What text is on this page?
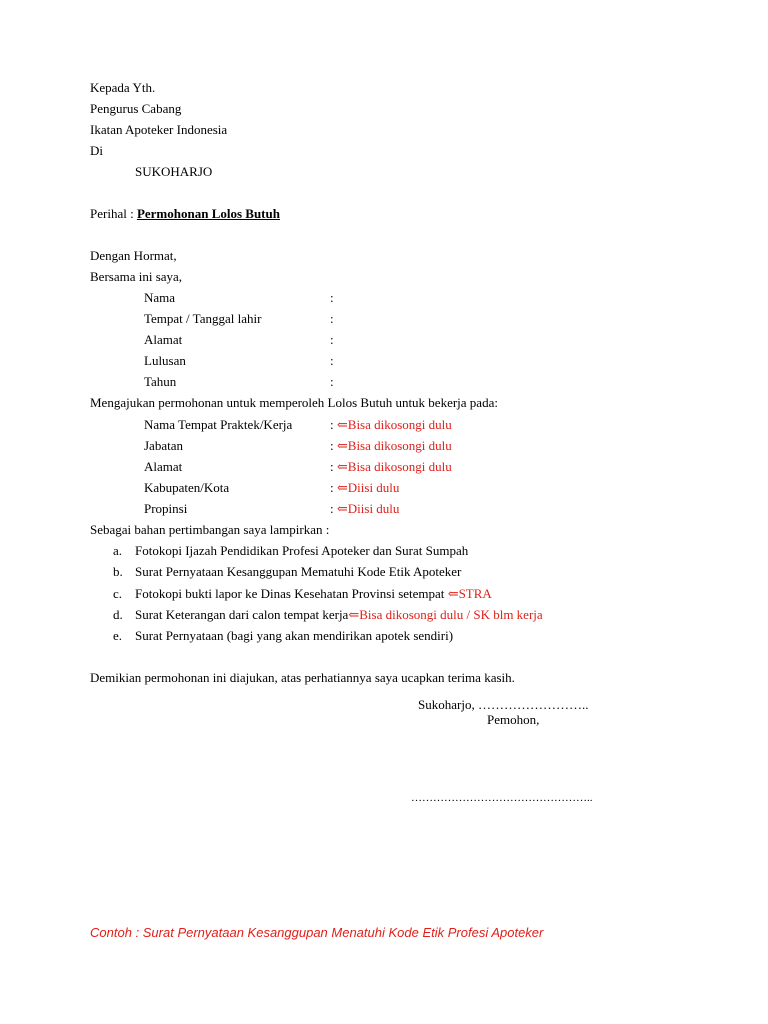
Kepada Yth.
Pengurus Cabang
Ikatan Apoteker Indonesia
Di
SUKOHARJO
Perihal : Permohonan Lolos Butuh
Dengan Hormat,
Bersama ini saya,
Nama	:
Tempat / Tanggal lahir	:
Alamat	:
Lulusan	:
Tahun	:
Mengajukan permohonan untuk memperoleh Lolos Butuh untuk bekerja pada:
Nama Tempat Praktek/Kerja	: ⇐Bisa dikosongi dulu
Jabatan	: ⇐Bisa dikosongi dulu
Alamat	: ⇐Bisa dikosongi dulu
Kabupaten/Kota	: ⇐Diisi dulu
Propinsi	: ⇐Diisi dulu
Sebagai bahan pertimbangan saya lampirkan :
a. Fotokopi Ijazah Pendidikan Profesi Apoteker dan Surat Sumpah
b. Surat Pernyataan Kesanggupan Mematuhi Kode Etik Apoteker
c. Fotokopi bukti lapor ke Dinas Kesehatan Provinsi setempat ⇐STRA
d. Surat Keterangan dari calon tempat kerja⇐Bisa dikosongi dulu / SK blm kerja
e. Surat Pernyataan (bagi yang akan mendirikan apotek sendiri)
Demikian permohonan ini diajukan, atas perhatiannya saya ucapkan terima kasih.
Sukoharjo, ……………………..
Pemohon,
…………………………………………..
Contoh : Surat Pernyataan Kesanggupan Menatuhi Kode Etik Profesi Apoteker
